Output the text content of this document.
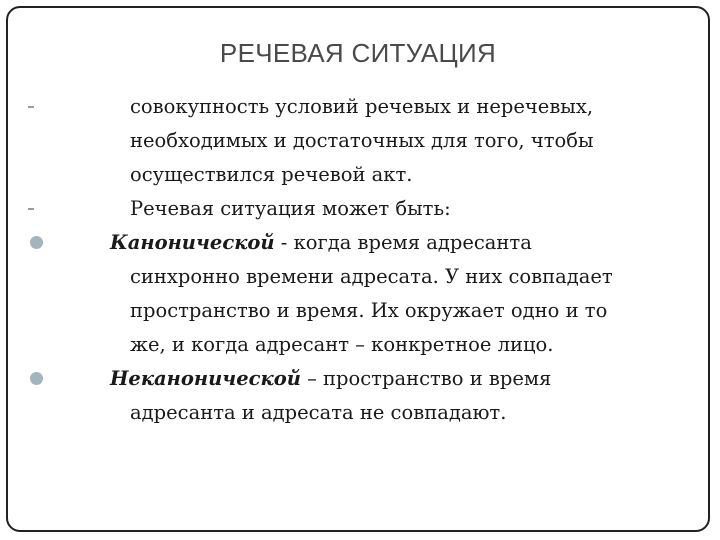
РЕЧЕВАЯ СИТУАЦИЯ
совокупность условий речевых и неречевых,
необходимых и достаточных для того, чтобы
осуществился речевой акт.
Речевая ситуация может быть:
Канонической - когда время адресанта
синхронно времени адресата. У них совпадает
пространство и время. Их окружает одно и то
же, и когда адресант – конкретное лицо.
Неканонической – пространство и время
адресанта и адресата не совпадают.
